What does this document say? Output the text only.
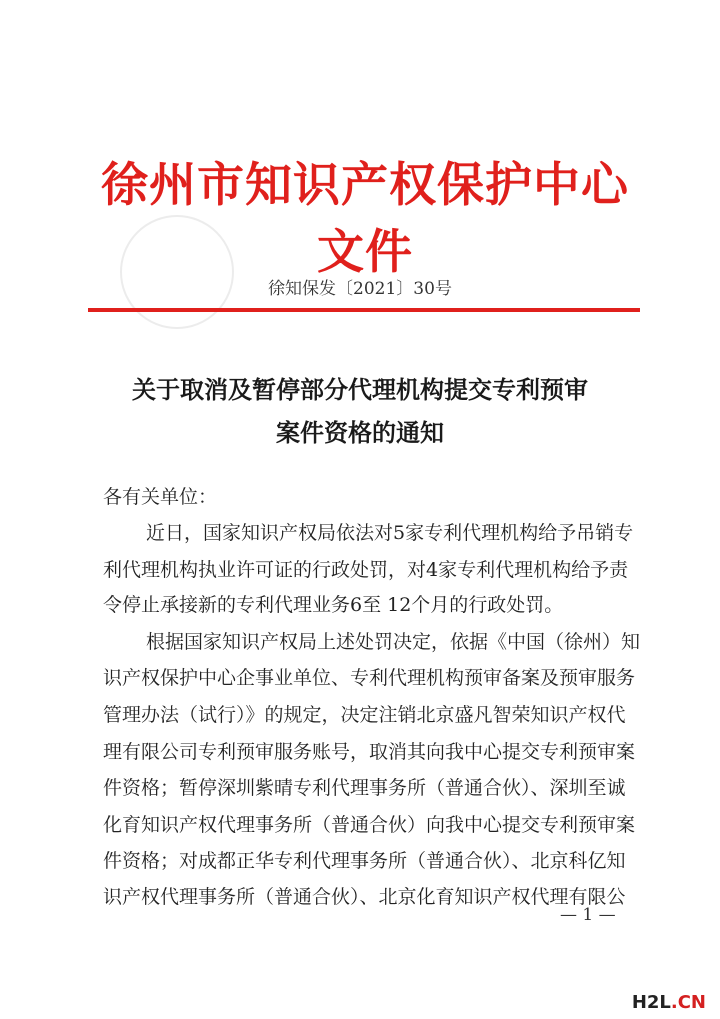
徐州市知识产权保护中心文件
徐知保发〔2021〕30号
关于取消及暂停部分代理机构提交专利预审
案件资格的通知
各有关单位：
近日，国家知识产权局依法对5家专利代理机构给予吊销专
利代理机构执业许可证的行政处罚，对4家专利代理机构给予责
令停止承接新的专利代理业务6至 12个月的行政处罚。
根据国家知识产权局上述处罚决定，依据《中国（徐州）知
识产权保护中心企事业单位、专利代理机构预审备案及预审服务
管理办法（试行）》的规定，决定注销北京盛凡智荣知识产权代
理有限公司专利预审服务账号，取消其向我中心提交专利预审案
件资格；暂停深圳紫晴专利代理事务所（普通合伙）、深圳至诚
化育知识产权代理事务所（普通合伙）向我中心提交专利预审案
件资格；对成都正华专利代理事务所（普通合伙）、北京科亿知
识产权代理事务所（普通合伙）、北京化育知识产权代理有限公
— 1 —
H2L.CN
